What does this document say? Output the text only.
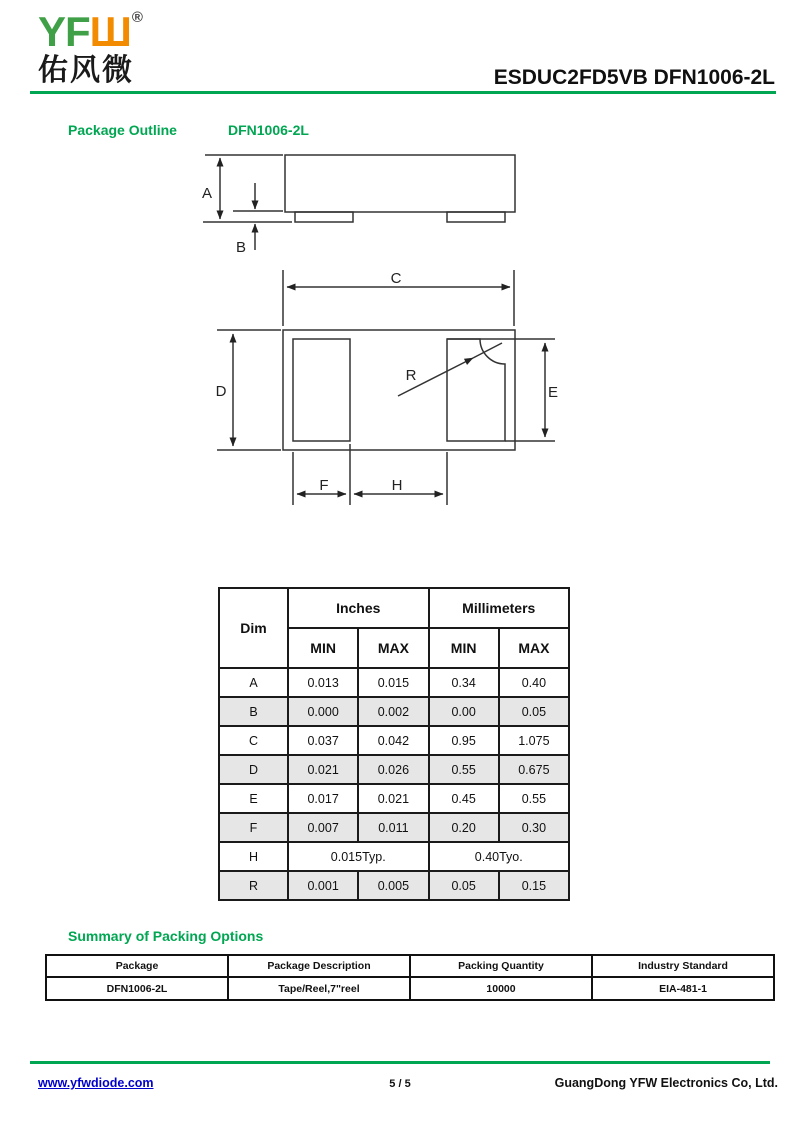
YFШ®
佑风微	ESDUC2FD5VB DFN1006-2L
Package Outline	DFN1006-2L
A
B
C
D	E
R
F	H
Dim	Inches		Millimeters	
	MIN	MAX	MIN	MAX
A	0.013	0.015	0.34	0.40
B	0.000	0.002	0.00	0.05
C	0.037	0.042	0.95	1.075
D	0.021	0.026	0.55	0.675
E	0.017	0.021	0.45	0.55
F	0.007	0.011	0.20	0.30
H	0.015Typ.		0.40Tyo.	
R	0.001	0.005	0.05	0.15
Summary of Packing Options
Package	Package Description	Packing Quantity	Industry Standard
DFN1006-2L	Tape/Reel,7"reel	10000	EIA-481-1
www.yfwdiode.com	5 / 5	GuangDong YFW Electronics Co, Ltd.
